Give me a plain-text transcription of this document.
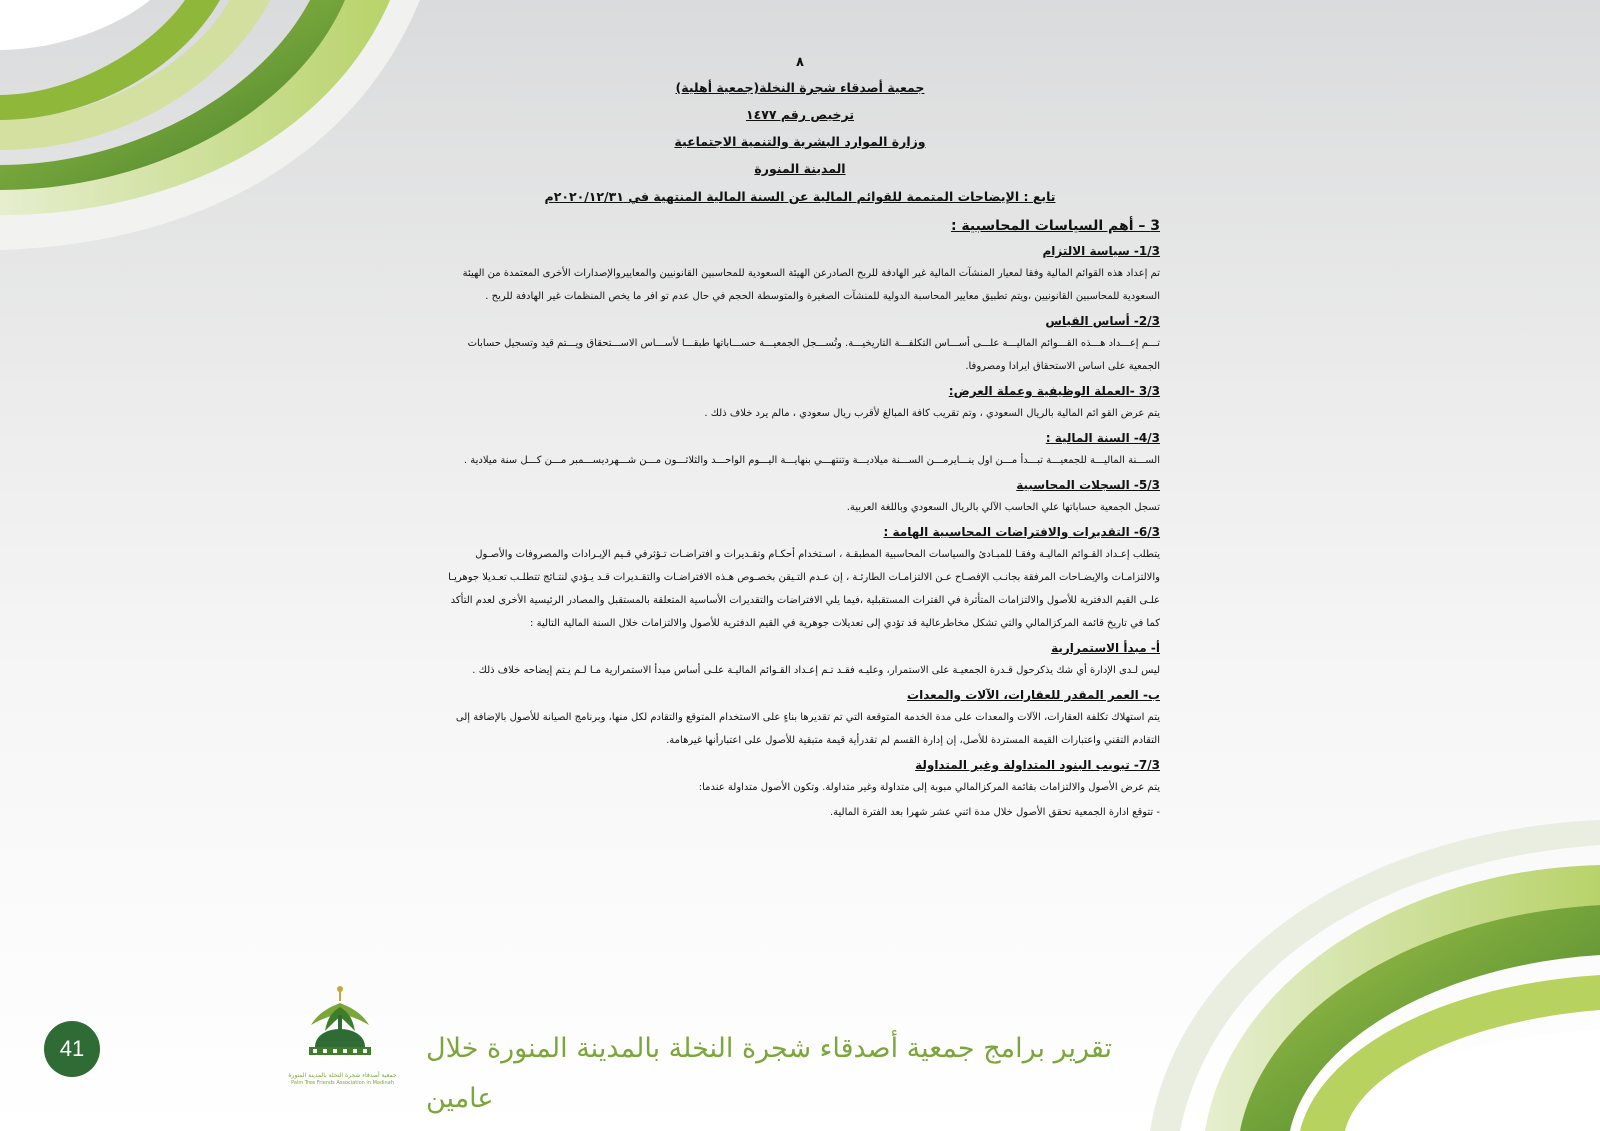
٨
جمعية أصدقاء شجرة النخلة(جمعية أهلية)
ترخيص رقم ١٤٧٧
وزارة الموارد البشرية والتنمية الاجتماعية
المدينة المنورة
تابع : الإيضاحات المتممة للقوائم المالية عن السنة المالية المنتهية في ٢٠٢٠/١٢/٣١م
3 – أهم السياسات المحاسبية :
1/3- سياسة الالتزام

تم إعداد هذه القوائم المالية وفقا لمعيار المنشآت المالية غير الهادفة للربح الصادرعن الهيئة السعودية للمحاسبين القانونيين والمعاييروالإصدارات الأخرى المعتمدة من الهيئة السعودية للمحاسبين القانونيين ،ويتم تطبيق معايير المحاسبة الدولية للمنشآت الصغيرة والمتوسطة الحجم في حال عدم تو افر ما يخص المنظمات غير الهادفة للربح .

2/3- أساس القياس

تـــم إعـــداد هـــذه القـــوائم الماليـــة علـــى أســـاس التكلفـــة التاريخيـــة. وتُســـجل الجمعيـــة حســـاباتها طبقـــا لأســـاس الاســـتحقاق ويـــتم قيد وتسجيل حسابات الجمعية على اساس الاستحقاق ايرادا ومصروفا.

3/3 -العملة الوظيفية وعملة العرض:

يتم عرض القو ائم المالية بالريال السعودي ، وتم تقريب كافة المبالغ لأقرب ريال سعودي ، مالم يرد خلاف ذلك .

4/3- السنة المالية :

الســـنة الماليـــة للجمعيـــة تبـــدأ مـــن اول ينـــايرمـــن الســـنة ميلاديـــة وتنتهـــي بنهايـــة اليـــوم الواحـــد والثلاثـــون مـــن شـــهرديســـمبر مـــن كـــل سنة ميلادية .

5/3- السجلات المحاسبية

تسجل الجمعية حساباتها علي الحاسب الآلي بالريال السعودي وباللغة العربية.

6/3- التقديرات والافتراضات المحاسبية الهامة :

يتطلب إعـداد القـوائم الماليـة وفقـا للمبـادئ والسياسات المحاسبية المطبقـة ، اسـتخدام أحكـام وتقـديرات و افتراضـات تـؤثرفي قـيم الإيـرادات والمصروفات والأصـول والالتزامـات والإيضـاحات المرفقة بجانـب الإفصـاح عـن الالتزامـات الطارئـة ، إن عـدم التـيقن بخصـوص هـذه الافتراضـات والتقـديرات قـد يـؤدي لنتـائج تتطلـب تعـديلا جوهريـا علـى القيم الدفترية للأصول والالتزامات المتأثرة في الفترات المستقبلية ،فيما يلي الافتراضات والتقديرات الأساسية المتعلقة بالمستقبل والمصادر الرئيسية الأخرى لعدم التأكد كما في تاريخ قائمة المركزالمالي والتي تشكل مخاطرعالية قد تؤدي إلى تعديلات جوهرية في القيم الدفترية للأصول والالتزامات خلال السنة المالية التالية :

أ- مبدأ الاستمرارية

ليس لـدى الإدارة أي شك يذكرحول قـدرة الجمعيـة على الاستمرار، وعليـه فقـد تـم إعـداد القـوائم الماليـة علـى أساس مبدأ الاستمرارية مـا لـم يـتم إيضاحه خلاف ذلك .

ب- العمر المقدر للعقارات، الآلات والمعدات

يتم استهلاك تكلفة العقارات، الآلات والمعدات على مدة الخدمة المتوقعة التي تم تقديرها بناءٍ على الاستخدام المتوقع والتقادم لكل منها، وبرنامج الصيانة للأصول بالإضافة إلى التقادم التقني واعتبارات القيمة المستردة للأصل، إن إدارة القسم لم تقدرأية قيمة متبقية للأصول على اعتبارأنها غيرهامة.

7/3- تبويب البنود المتداولة وغير المتداولة

يتم عرض الأصول والالتزامات بقائمة المركزالمالي مبوبة إلى متداولة وغير متداولة. وتكون الأصول متداولة عندما:

- تتوقع ادارة الجمعية تحقق الأصول خلال مدة اثني عشر شهرا بعد الفترة المالية.

41
جمعية أصدقاء شجرة النخلة بالمدينة المنورة
Palm Tree Friends Association in Madinah
تقرير برامج جمعية أصدقاء شجرة النخلة بالمدينة المنورة خلال عامين
